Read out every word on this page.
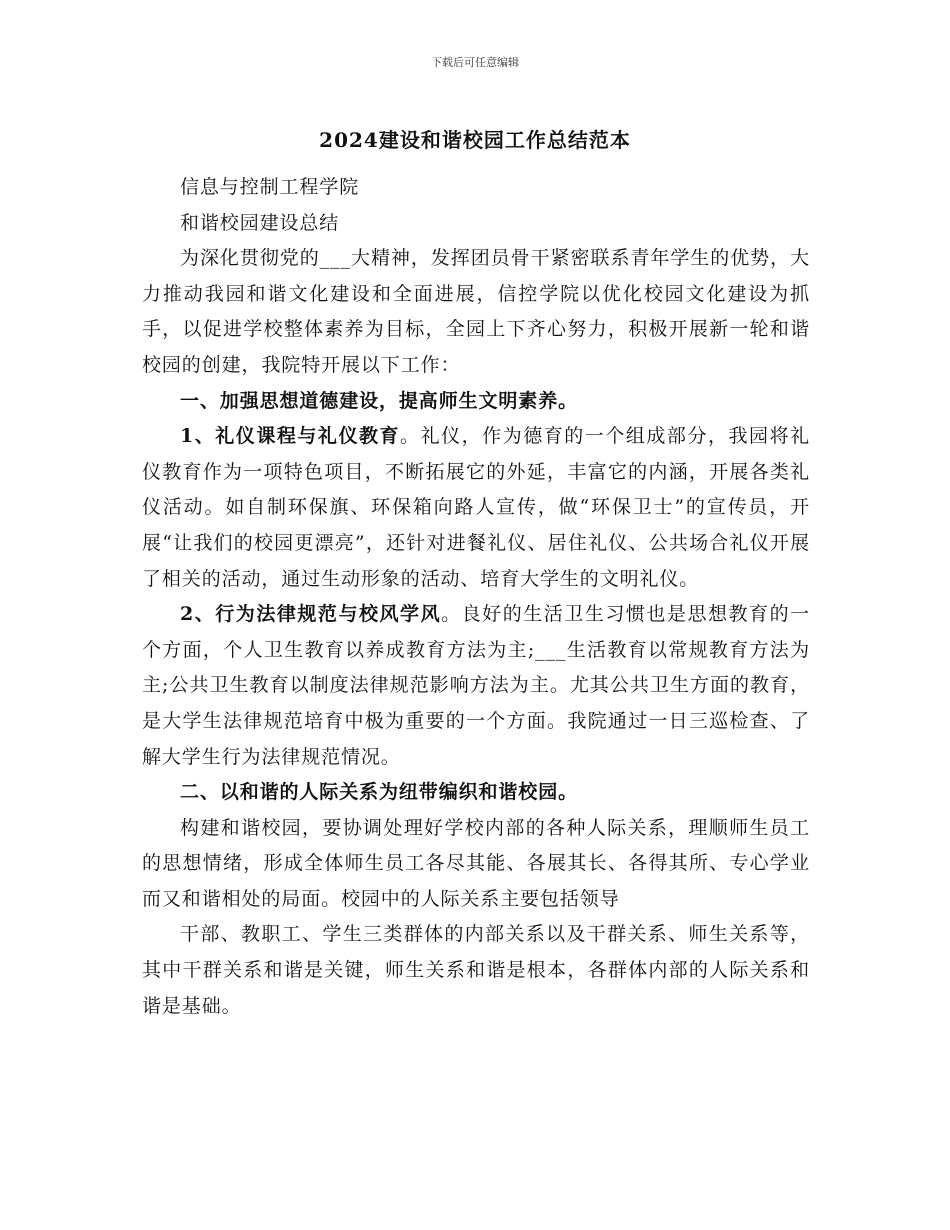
下载后可任意编辑
2024建设和谐校园工作总结范本

信息与控制工程学院

和谐校园建设总结

为深化贯彻党的___大精神，发挥团员骨干紧密联系青年学生的优势，大力推动我园和谐文化建设和全面进展，信控学院以优化校园文化建设为抓手，以促进学校整体素养为目标，全园上下齐心努力，积极开展新一轮和谐校园的创建，我院特开展以下工作：

一、加强思想道德建设，提高师生文明素养。

1、礼仪课程与礼仪教育。礼仪，作为德育的一个组成部分，我园将礼仪教育作为一项特色项目，不断拓展它的外延，丰富它的内涵，开展各类礼仪活动。如自制环保旗、环保箱向路人宣传，做“环保卫士”的宣传员，开展“让我们的校园更漂亮”，还针对进餐礼仪、居住礼仪、公共场合礼仪开展了相关的活动，通过生动形象的活动、培育大学生的文明礼仪。

2、行为法律规范与校风学风。良好的生活卫生习惯也是思想教育的一个方面，个人卫生教育以养成教育方法为主;___生活教育以常规教育方法为主;公共卫生教育以制度法律规范影响方法为主。尤其公共卫生方面的教育，是大学生法律规范培育中极为重要的一个方面。我院通过一日三巡检查、了解大学生行为法律规范情况。

二、以和谐的人际关系为纽带编织和谐校园。

构建和谐校园，要协调处理好学校内部的各种人际关系，理顺师生员工的思想情绪，形成全体师生员工各尽其能、各展其长、各得其所、专心学业而又和谐相处的局面。校园中的人际关系主要包括领导

干部、教职工、学生三类群体的内部关系以及干群关系、师生关系等，其中干群关系和谐是关键，师生关系和谐是根本，各群体内部的人际关系和谐是基础。
